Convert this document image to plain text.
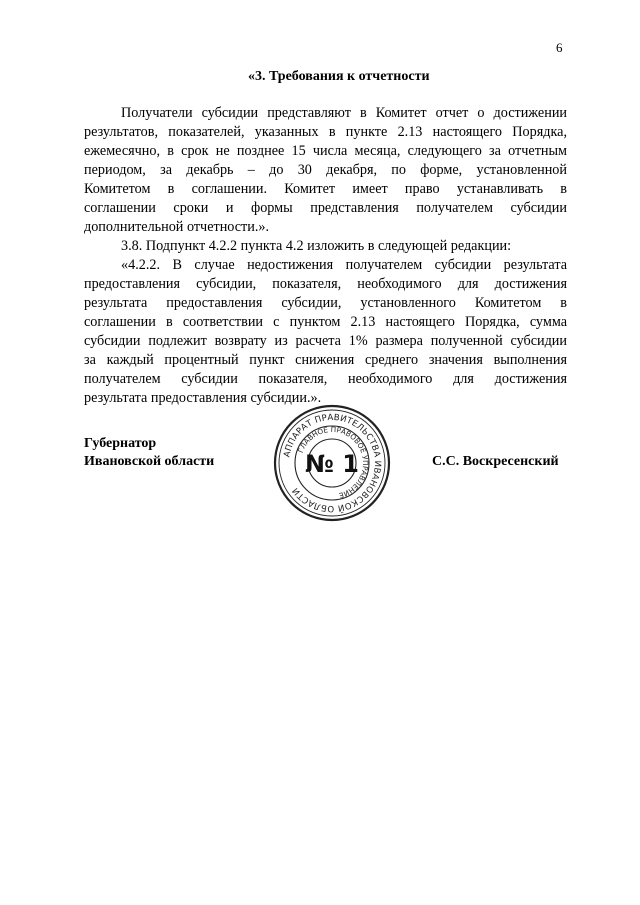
6
«3. Требования к отчетности
Получатели субсидии представляют в Комитет отчет о достижении
результатов, показателей, указанных в пункте 2.13 настоящего Порядка,
ежемесячно, в срок не позднее 15 числа месяца, следующего за отчетным
периодом, за декабрь – до 30 декабря, по форме, установленной
Комитетом в соглашении. Комитет имеет право устанавливать в
соглашении сроки и формы представления получателем субсидии
дополнительной отчетности.».
3.8. Подпункт 4.2.2 пункта 4.2 изложить в следующей редакции:
«4.2.2. В случае недостижения получателем субсидии результата
предоставления субсидии, показателя, необходимого для достижения
результата предоставления субсидии, установленного Комитетом в
соглашении в соответствии с пунктом 2.13 настоящего Порядка, сумма
субсидии подлежит возврату из расчета 1% размера полученной субсидии
за каждый процентный пункт снижения среднего значения выполнения
получателем субсидии показателя, необходимого для достижения
результата предоставления субсидии.».
Губернатор
Ивановской области	С.С. Воскресенский
АППАРАТ ПРАВИТЕЛЬСТВА ИВАНОВСКОЙ ОБЛАСТИ
ГЛАВНОЕ ПРАВОВОЕ УПРАВЛЕНИЕ
№ 1
